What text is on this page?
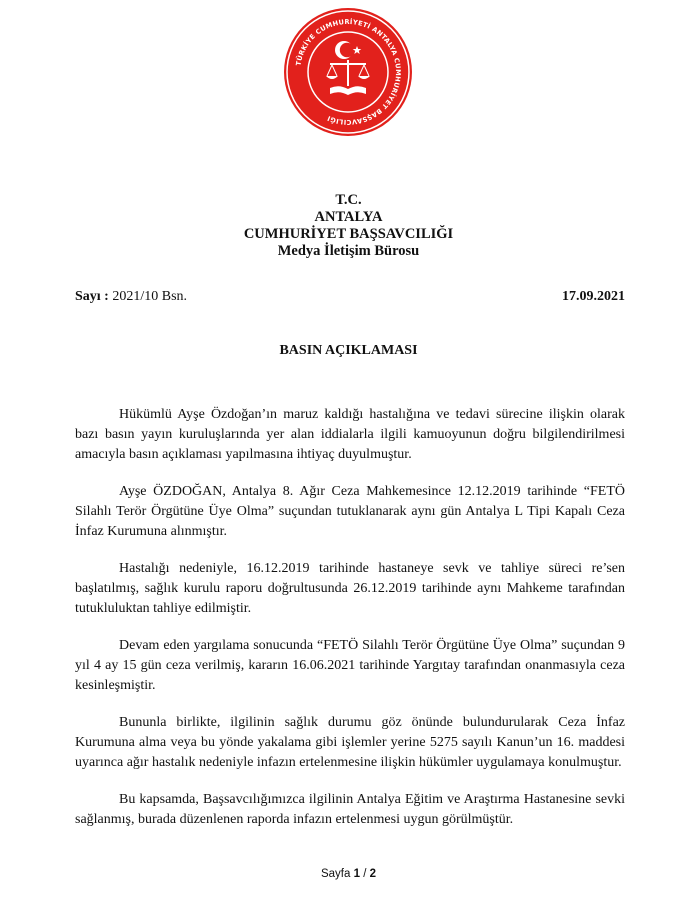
TÜRKİYE CUMHURİYETİ ANTALYA CUMHURİYET BAŞSAVCILIĞI
T.C.
ANTALYA
CUMHURİYET BAŞSAVCILIĞI
Medya İletişim Bürosu
Sayı : 2021/10 Bsn.	17.09.2021
BASIN AÇIKLAMASI

Hükümlü Ayşe Özdoğan’ın maruz kaldığı hastalığına ve tedavi sürecine ilişkin olarak bazı basın yayın kuruluşlarında yer alan iddialarla ilgili kamuoyunun doğru bilgilendirilmesi amacıyla basın açıklaması yapılmasına ihtiyaç duyulmuştur.

Ayşe ÖZDOĞAN, Antalya 8. Ağır Ceza Mahkemesince 12.12.2019 tarihinde “FETÖ Silahlı Terör Örgütüne Üye Olma” suçundan tutuklanarak aynı gün Antalya L Tipi Kapalı Ceza İnfaz Kurumuna alınmıştır.

Hastalığı nedeniyle, 16.12.2019 tarihinde hastaneye sevk ve tahliye süreci re’sen başlatılmış, sağlık kurulu raporu doğrultusunda 26.12.2019 tarihinde aynı Mahkeme tarafından tutukluluktan tahliye edilmiştir.

Devam eden yargılama sonucunda “FETÖ Silahlı Terör Örgütüne Üye Olma” suçundan 9 yıl 4 ay 15 gün ceza verilmiş, kararın 16.06.2021 tarihinde Yargıtay tarafından onanmasıyla ceza kesinleşmiştir.

Bununla birlikte, ilgilinin sağlık durumu göz önünde bulundurularak Ceza İnfaz Kurumuna alma veya bu yönde yakalama gibi işlemler yerine 5275 sayılı Kanun’un 16. maddesi uyarınca ağır hastalık nedeniyle infazın ertelenmesine ilişkin hükümler uygulamaya konulmuştur.

Bu kapsamda, Başsavcılığımızca ilgilinin Antalya Eğitim ve Araştırma Hastanesine sevki sağlanmış, burada düzenlenen raporda infazın ertelenmesi uygun görülmüştür.

Sayfa 1 / 2
